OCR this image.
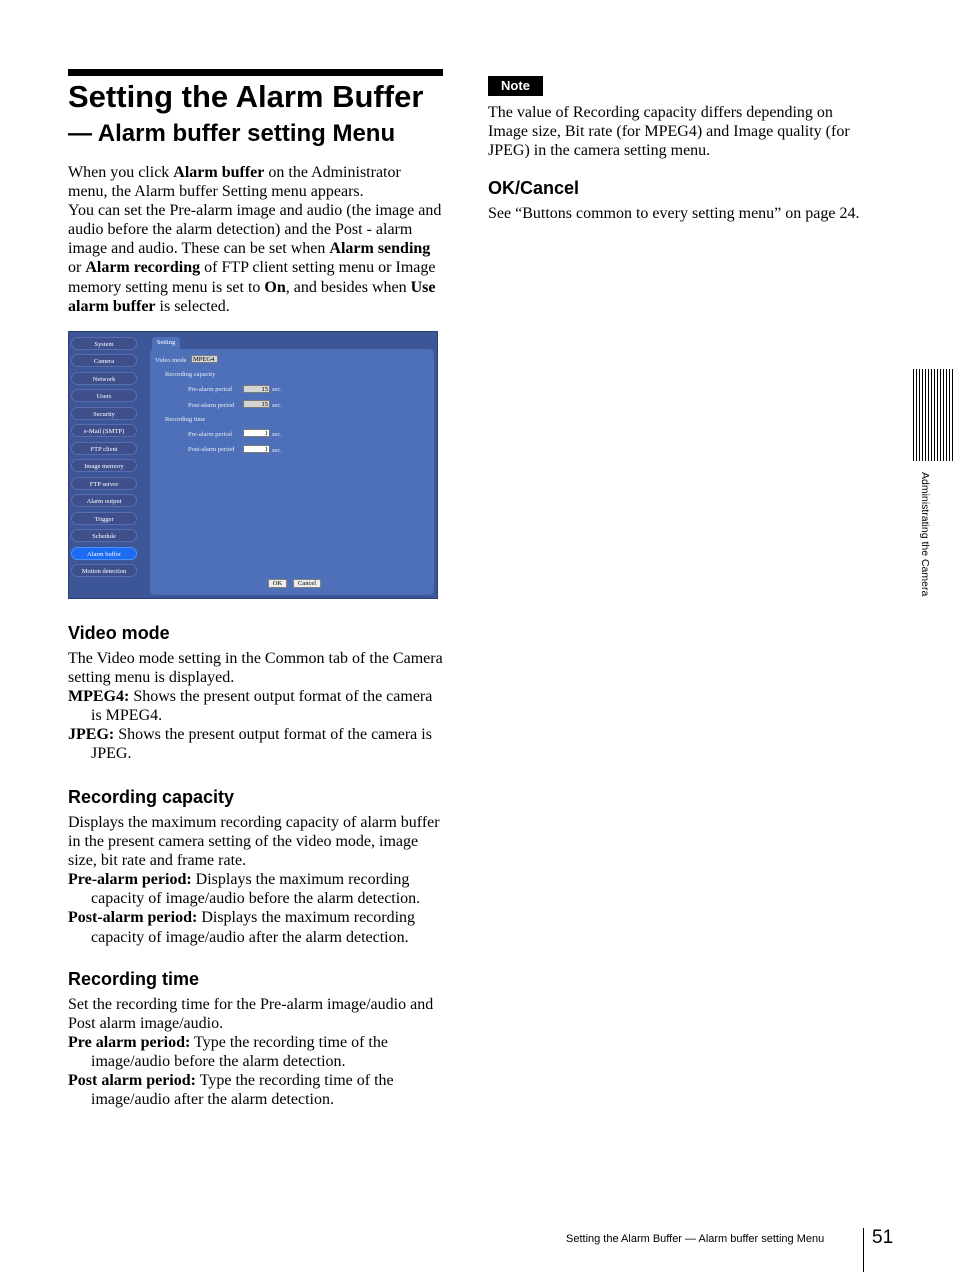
Setting the Alarm Buffer
— Alarm buffer setting Menu

When you click Alarm buffer on the Administrator menu, the Alarm buffer Setting menu appears.

You can set the Pre-alarm image and audio (the image and audio before the alarm detection) and the Post - alarm image and audio. These can be set when Alarm sending or Alarm recording of FTP client setting menu or Image memory setting menu is set to On, and besides when Use alarm buffer is selected.

System
Camera
Network
Users
Security
e-Mail (SMTP)
FTP client
Image memory
FTP server
Alarm output
Trigger
Schedule
Alarm buffer
Motion detection
Setting
Video mode MPEG4
Recording capacity
Pre-alarm period	15 sec.
Post-alarm period	15 sec.
Recording time
Pre-alarm period	1 sec.
Post-alarm period	1 sec.
OK	Cancel
Video mode

The Video mode setting in the Common tab of the Camera setting menu is displayed.

MPEG4: Shows the present output format of the camera is MPEG4.

JPEG: Shows the present output format of the camera is JPEG.

Recording capacity

Displays the maximum recording capacity of alarm buffer in the present camera setting of the video mode, image size, bit rate and frame rate.

Pre-alarm period: Displays the maximum recording capacity of image/audio before the alarm detection.

Post-alarm period: Displays the maximum recording capacity of image/audio after the alarm detection.

Recording time

Set the recording time for the Pre-alarm image/audio and Post alarm image/audio.

Pre alarm period: Type the recording time of the image/audio before the alarm detection.

Post alarm period: Type the recording time of the image/audio after the alarm detection.

Note

The value of Recording capacity differs depending on Image size, Bit rate (for MPEG4) and Image quality (for JPEG) in the camera setting menu.

OK/Cancel

See “Buttons common to every setting menu” on page 24.

Administrating the Camera
Setting the Alarm Buffer — Alarm buffer setting Menu	51
